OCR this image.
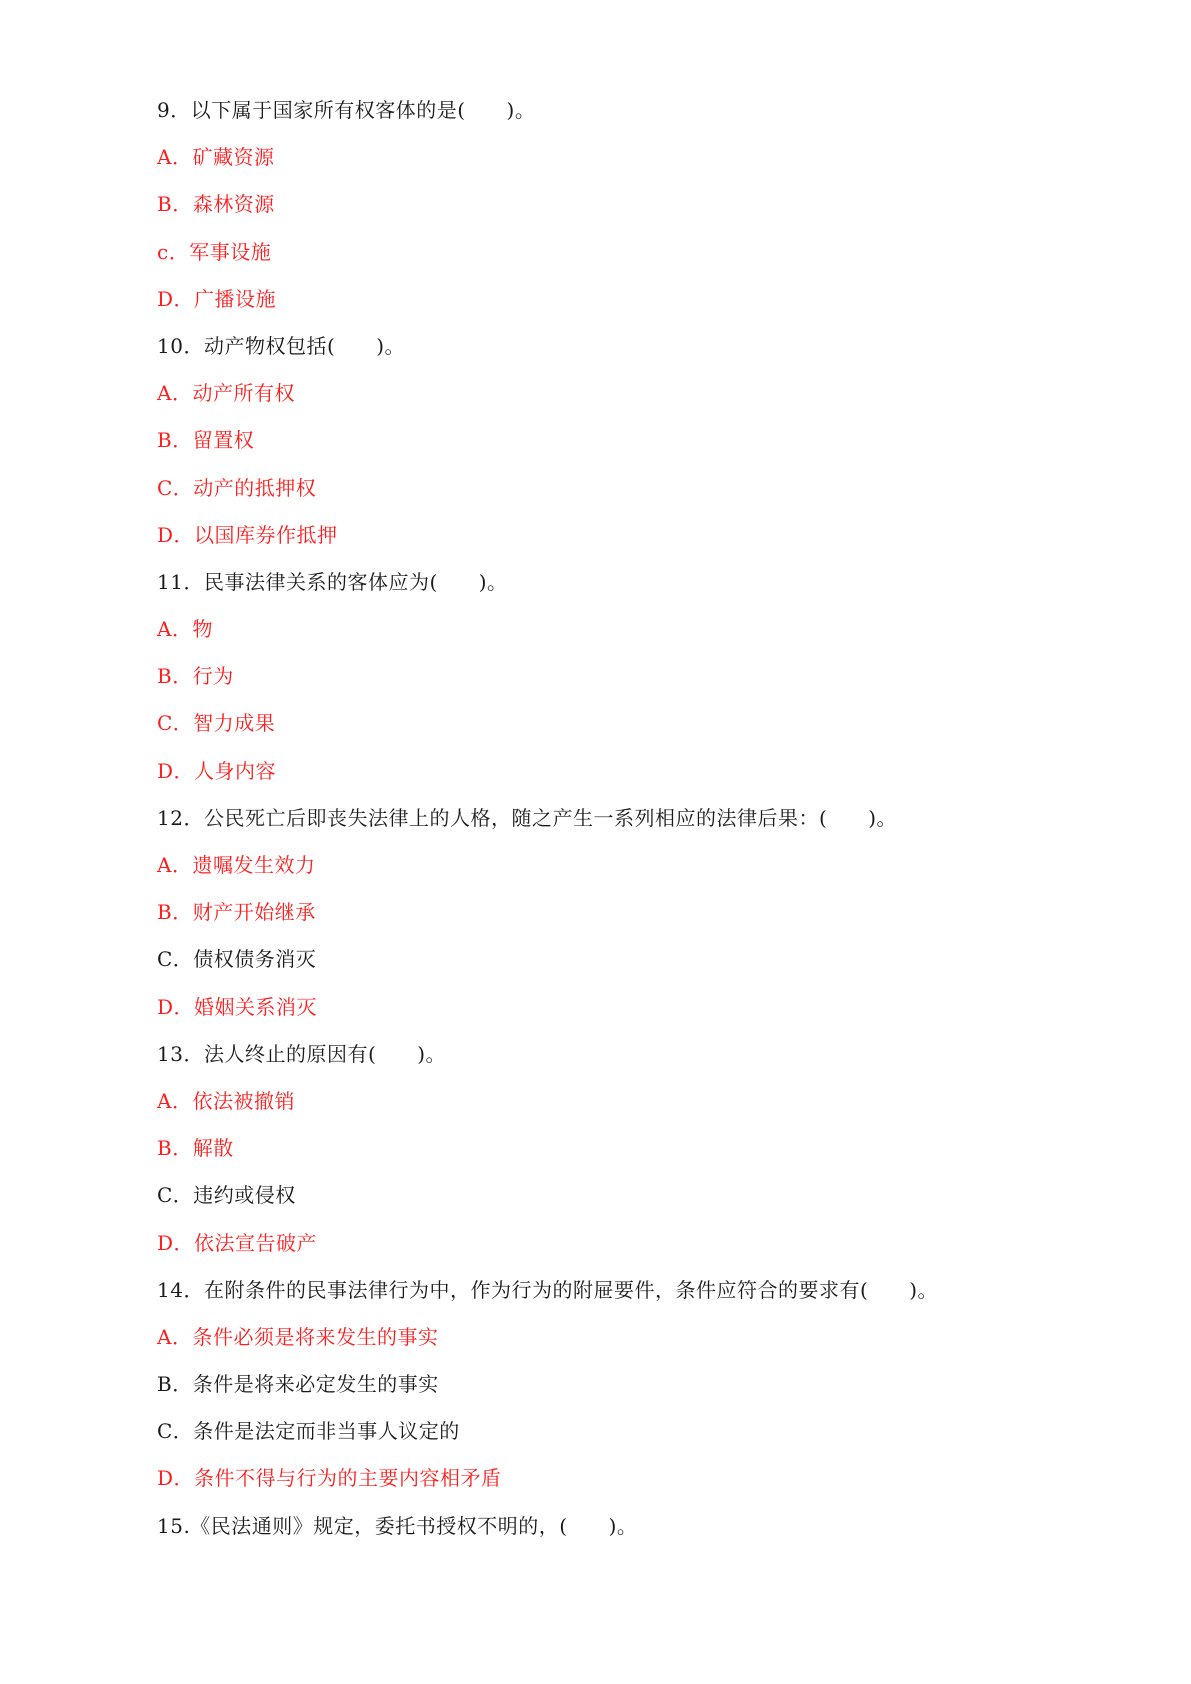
9．以下属于国家所有权客体的是(　　)。
A．矿藏资源
B．森林资源
c．军事设施
D．广播设施
10．动产物权包括(　　)。
A．动产所有权
B．留置权
C．动产的抵押权
D．以国库券作抵押
11．民事法律关系的客体应为(　　)。
A．物
B．行为
C．智力成果
D．人身内容
12．公民死亡后即丧失法律上的人格，随之产生一系列相应的法律后果：(　　)。
A．遗嘱发生效力
B．财产开始继承
C．债权债务消灭
D．婚姻关系消灭
13．法人终止的原因有(　　)。
A．依法被撤销
B．解散
C．违约或侵权
D．依法宣告破产
14．在附条件的民事法律行为中，作为行为的附屉要件，条件应符合的要求有(　　)。
A．条件必须是将来发生的事实
B．条件是将来必定发生的事实
C．条件是法定而非当事人议定的
D．条件不得与行为的主要内容相矛盾
15.《民法通则》规定，委托书授权不明的，(　　)。
